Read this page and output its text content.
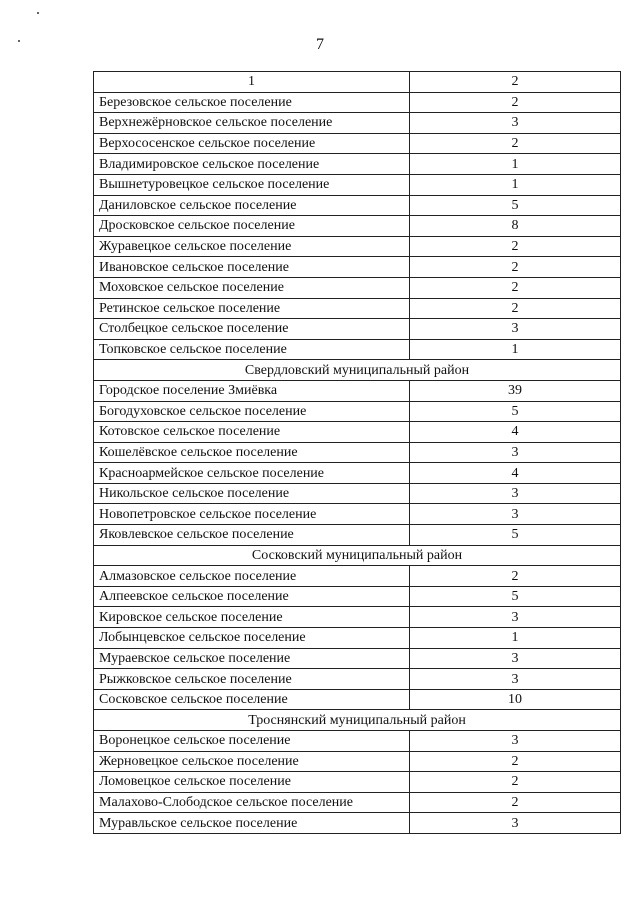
7
1	2
Березовское сельское поселение	2
Верхнежёрновское сельское поселение	3
Верхососенское сельское поселение	2
Владимировское сельское поселение	1
Вышнетуровецкое сельское поселение	1
Даниловское сельское поселение	5
Дросковское сельское поселение	8
Журавецкое сельское поселение	2
Ивановское сельское поселение	2
Моховское сельское поселение	2
Ретинское сельское поселение	2
Столбецкое сельское поселение	3
Топковское сельское поселение	1
Свердловский муниципальный район	
Городское поселение Змиёвка	39
Богодуховское сельское поселение	5
Котовское сельское поселение	4
Кошелёвское сельское поселение	3
Красноармейское сельское поселение	4
Никольское сельское поселение	3
Новопетровское сельское поселение	3
Яковлевское сельское поселение	5
Сосковский муниципальный район	
Алмазовское сельское поселение	2
Алпеевское сельское поселение	5
Кировское сельское поселение	3
Лобынцевское сельское поселение	1
Мураевское сельское поселение	3
Рыжковское сельское поселение	3
Сосковское сельское поселение	10
Троснянский муниципальный район	
Воронецкое сельское поселение	3
Жерновецкое сельское поселение	2
Ломовецкое сельское поселение	2
Малахово-Слободское сельское поселение	2
Муравльское сельское поселение	3
